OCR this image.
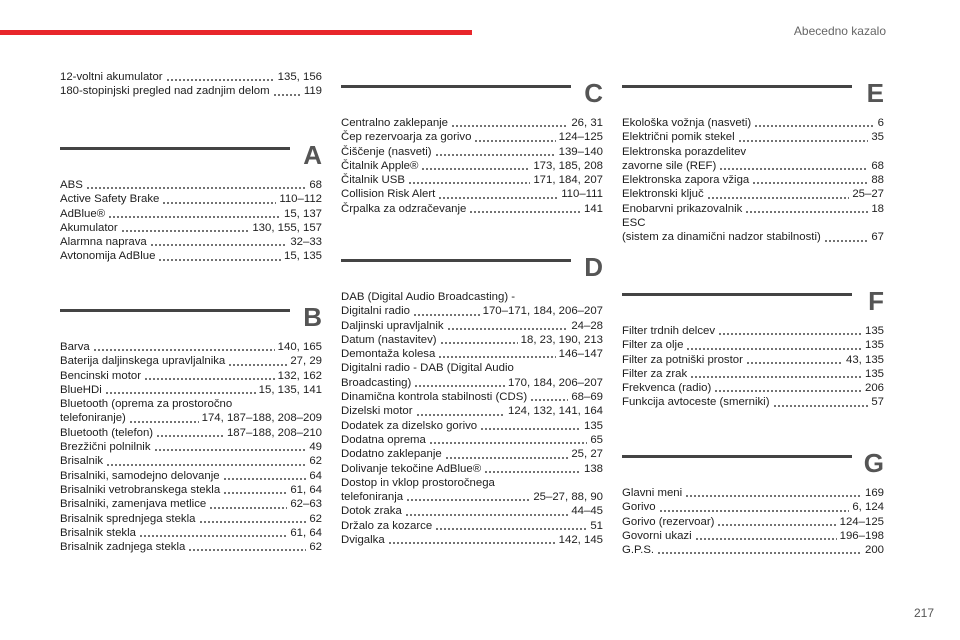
Abecedno kazalo
12-voltni akumulator	135, 156
180-stopinjski pregled nad zadnjim delom	119
A
ABS	68
Active Safety Brake	110–112
AdBlue®	15, 137
Akumulator	130, 155, 157
Alarmna naprava	32–33
Avtonomija AdBlue	15, 135
B
Barva	140, 165
Baterija daljinskega upravljalnika	27, 29
Bencinski motor	132, 162
BlueHDi	15, 135, 141
Bluetooth (oprema za prostoročno
telefoniranje)	174, 187–188, 208–209
Bluetooth (telefon)	187–188, 208–210
Brezžični polnilnik	49
Brisalnik	62
Brisalniki, samodejno delovanje	64
Brisalniki vetrobranskega stekla	61, 64
Brisalniki, zamenjava metlice	62–63
Brisalnik sprednjega stekla	62
Brisalnik stekla	61, 64
Brisalnik zadnjega stekla	62
C
Centralno zaklepanje	26, 31
Čep rezervoarja za gorivo	124–125
Čiščenje (nasveti)	139–140
Čitalnik Apple®	173, 185, 208
Čitalnik USB	171, 184, 207
Collision Risk Alert	110–111
Črpalka za odzračevanje	141
D
DAB (Digital Audio Broadcasting) -
Digitalni radio	170–171, 184, 206–207
Daljinski upravljalnik	24–28
Datum (nastavitev)	18, 23, 190, 213
Demontaža kolesa	146–147
Digitalni radio - DAB (Digital Audio
Broadcasting)	170, 184, 206–207
Dinamična kontrola stabilnosti (CDS)	68–69
Dizelski motor	124, 132, 141, 164
Dodatek za dizelsko gorivo	135
Dodatna oprema	65
Dodatno zaklepanje	25, 27
Dolivanje tekočine AdBlue®	138
Dostop in vklop prostoročnega
telefoniranja	25–27, 88, 90
Dotok zraka	44–45
Držalo za kozarce	51
Dvigalka	142, 145
E
Ekološka vožnja (nasveti)	6
Električni pomik stekel	35
Elektronska porazdelitev
zavorne sile (REF)	68
Elektronska zapora vžiga	88
Elektronski ključ	25–27
Enobarvni prikazovalnik	18
ESC
(sistem za dinamični nadzor stabilnosti)	67
F
Filter trdnih delcev	135
Filter za olje	135
Filter za potniški prostor	43, 135
Filter za zrak	135
Frekvenca (radio)	206
Funkcija avtoceste (smerniki)	57
G
Glavni meni	169
Gorivo	6, 124
Gorivo (rezervoar)	124–125
Govorni ukazi	196–198
G.P.S.	200
217
